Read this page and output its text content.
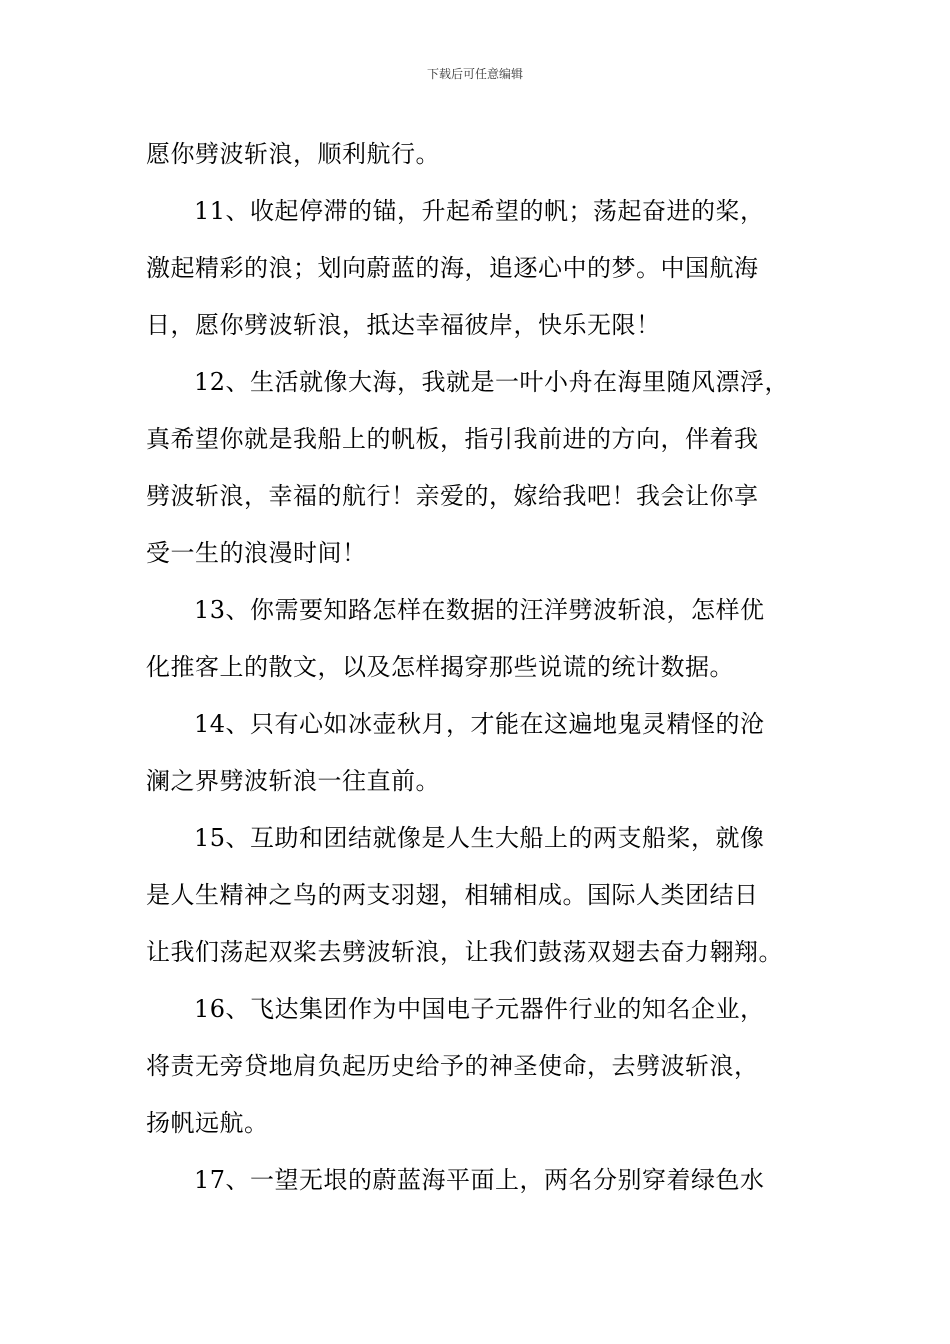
下载后可任意编辑
愿你劈波斩浪，顺利航行。
11、收起停滞的锚，升起希望的帆；荡起奋进的桨，
激起精彩的浪；划向蔚蓝的海，追逐心中的梦。中国航海
日，愿你劈波斩浪，抵达幸福彼岸，快乐无限！
12、生活就像大海，我就是一叶小舟在海里随风漂浮，
真希望你就是我船上的帆板，指引我前进的方向，伴着我
劈波斩浪，幸福的航行！亲爱的，嫁给我吧！我会让你享
受一生的浪漫时间！
13、你需要知路怎样在数据的汪洋劈波斩浪，怎样优
化推客上的散文，以及怎样揭穿那些说谎的统计数据。
14、只有心如冰壶秋月，才能在这遍地鬼灵精怪的沧
澜之界劈波斩浪一往直前。
15、互助和团结就像是人生大船上的两支船桨，就像
是人生精神之鸟的两支羽翅，相辅相成。国际人类团结日
让我们荡起双桨去劈波斩浪，让我们鼓荡双翅去奋力翱翔。
16、飞达集团作为中国电子元器件行业的知名企业，
将责无旁贷地肩负起历史给予的神圣使命，去劈波斩浪，
扬帆远航。
17、一望无垠的蔚蓝海平面上，两名分别穿着绿色水
